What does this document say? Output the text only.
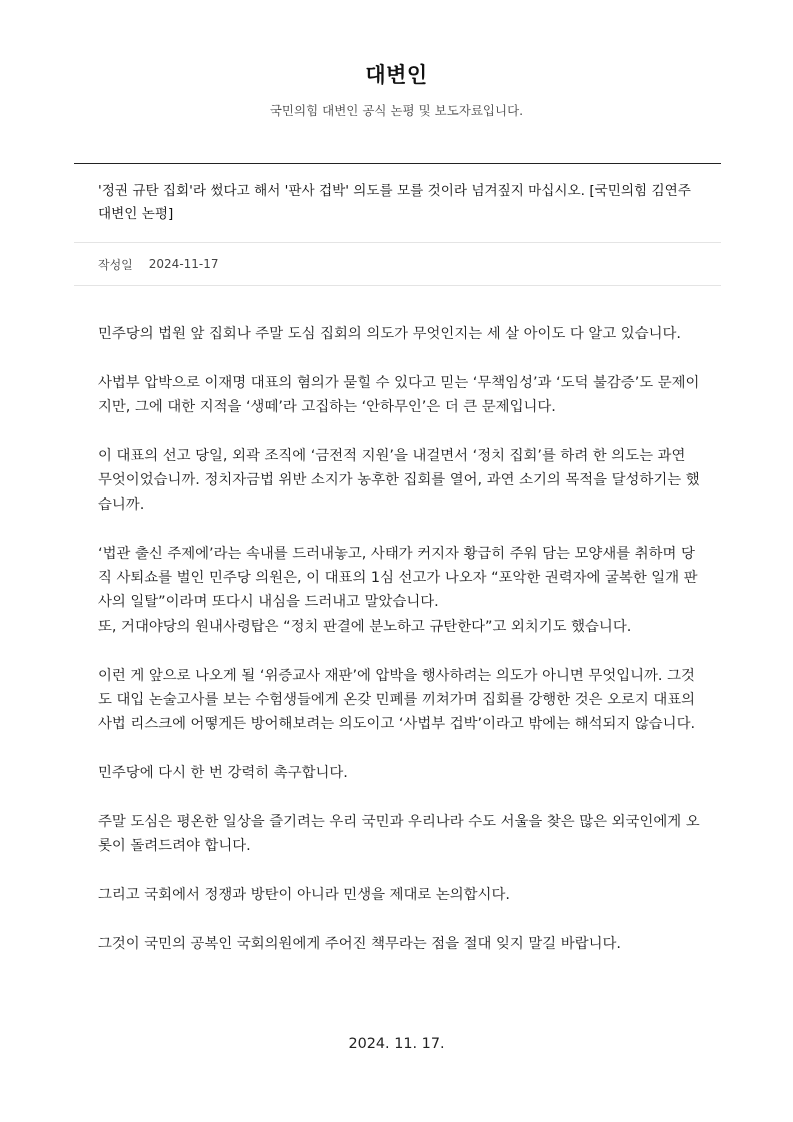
대변인
국민의힘 대변인 공식 논평 및 보도자료입니다.
'정권 규탄 집회'라 썼다고 해서 '판사 겁박' 의도를 모를 것이라 넘겨짚지 마십시오. [국민의힘 김연주 대변인 논평]
작성일 2024-11-17

민주당의 법원 앞 집회나 주말 도심 집회의 의도가 무엇인지는 세 살 아이도 다 알고 있습니다.

사법부 압박으로 이재명 대표의 혐의가 묻힐 수 있다고 믿는 ‘무책임성’과 ‘도덕 불감증’도 문제이지만, 그에 대한 지적을 ‘생떼’라 고집하는 ‘안하무인’은 더 큰 문제입니다.

이 대표의 선고 당일, 외곽 조직에 ‘금전적 지원’을 내걸면서 ‘정치 집회’를 하려 한 의도는 과연 무엇이었습니까. 정치자금법 위반 소지가 농후한 집회를 열어, 과연 소기의 목적을 달성하기는 했습니까.

‘법관 출신 주제에’라는 속내를 드러내놓고, 사태가 커지자 황급히 주워 담는 모양새를 취하며 당직 사퇴쇼를 벌인 민주당 의원은, 이 대표의 1심 선고가 나오자 “포악한 권력자에 굴복한 일개 판사의 일탈”이라며 또다시 내심을 드러내고 말았습니다.
또, 거대야당의 원내사령탑은 “정치 판결에 분노하고 규탄한다”고 외치기도 했습니다.

이런 게 앞으로 나오게 될 ‘위증교사 재판’에 압박을 행사하려는 의도가 아니면 무엇입니까. 그것도 대입 논술고사를 보는 수험생들에게 온갖 민폐를 끼쳐가며 집회를 강행한 것은 오로지 대표의 사법 리스크에 어떻게든 방어해보려는 의도이고 ‘사법부 겁박’이라고 밖에는 해석되지 않습니다.

민주당에 다시 한 번 강력히 촉구합니다.

주말 도심은 평온한 일상을 즐기려는 우리 국민과 우리나라 수도 서울을 찾은 많은 외국인에게 오롯이 돌려드려야 합니다.

그리고 국회에서 정쟁과 방탄이 아니라 민생을 제대로 논의합시다.

그것이 국민의 공복인 국회의원에게 주어진 책무라는 점을 절대 잊지 말길 바랍니다.

2024. 11. 17.
